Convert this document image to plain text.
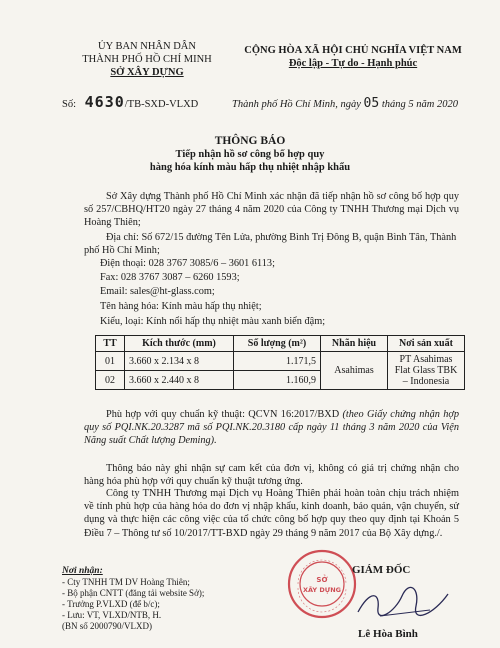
ỦY BAN NHÂN DÂN
THÀNH PHỐ HỒ CHÍ MINH
SỞ XÂY DỰNG
CỘNG HÒA XÃ HỘI CHỦ NGHĨA VIỆT NAM
Độc lập - Tự do - Hạnh phúc
Số: 4630/TB-SXD-VLXD	Thành phố Hồ Chí Minh, ngày 05 tháng 5 năm 2020
THÔNG BÁO
Tiếp nhận hồ sơ công bố hợp quy
hàng hóa kính màu hấp thụ nhiệt nhập khẩu
Sở Xây dựng Thành phố Hồ Chí Minh xác nhận đã tiếp nhận hồ sơ công bố hợp quy số 257/CBHQ/HT20 ngày 27 tháng 4 năm 2020 của Công ty TNHH Thương mại Dịch vụ Hoàng Thiên;
Địa chỉ: Số 672/15 đường Tên Lửa, phường Bình Trị Đông B, quận Bình Tân, Thành phố Hồ Chí Minh;
Điện thoại: 028 3767 3085/6 – 3601 6113;
Fax: 028 3767 3087 – 6260 1593;
Email: sales@ht-glass.com;
Tên hàng hóa: Kính màu hấp thụ nhiệt;
Kiểu, loại: Kính nổi hấp thụ nhiệt màu xanh biển đậm;
TT	Kích thước (mm)	Số lượng (m²)	Nhãn hiệu	Nơi sản xuất
01	3.660 x 2.134 x 8	1.171,5	Asahimas	PT Asahimas Flat Glass TBK – Indonesia
02	3.660 x 2.440 x 8	1.160,9		
Phù hợp với quy chuẩn kỹ thuật: QCVN 16:2017/BXD (theo Giấy chứng nhận hợp quy số PQI.NK.20.3287 mã số PQI.NK.20.3180 cấp ngày 11 tháng 3 năm 2020 của Viện Năng suất Chất lượng Deming).
Thông báo này ghi nhận sự cam kết của đơn vị, không có giá trị chứng nhận cho hàng hóa phù hợp với quy chuẩn kỹ thuật tương ứng.
Công ty TNHH Thương mại Dịch vụ Hoàng Thiên phải hoàn toàn chịu trách nhiệm về tính phù hợp của hàng hóa do đơn vị nhập khẩu, kinh doanh, bảo quản, vận chuyển, sử dụng và thực hiện các công việc của tổ chức công bố hợp quy theo quy định tại Khoản 5 Điều 7 – Thông tư số 10/2017/TT-BXD ngày 29 tháng 9 năm 2017 của Bộ Xây dựng./.
Nơi nhận:
- Cty TNHH TM DV Hoàng Thiên;
- Bộ phận CNTT (đăng tải website Sở);
- Trưởng P.VLXD (để b/c);
- Lưu: VT, VLXD/NTB, H.
(BN số 2000790/VLXD)
SỞ
XÂY DỰNG
GIÁM ĐỐC
Lê Hòa Bình
